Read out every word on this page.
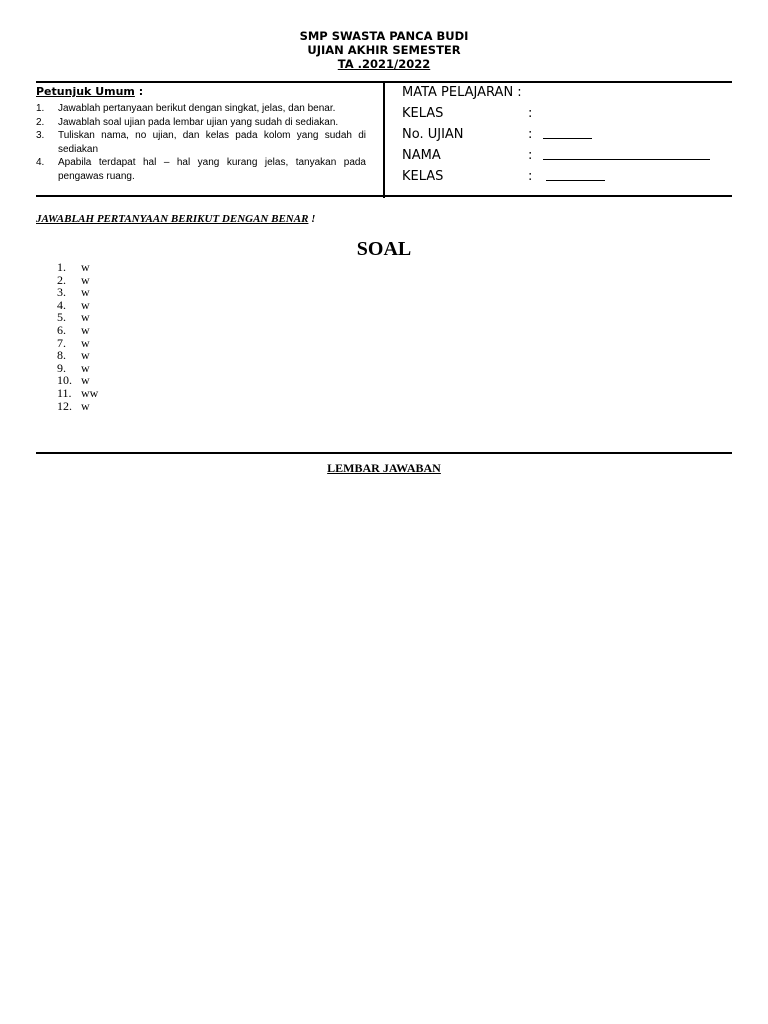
SMP SWASTA PANCA BUDI
UJIAN AKHIR SEMESTER
TA .2021/2022
Petunjuk Umum :
1. Jawablah pertanyaan berikut dengan singkat, jelas, dan benar.
2. Jawablah soal ujian pada lembar ujian yang sudah di sediakan.
3. Tuliskan nama, no ujian, dan kelas pada kolom yang sudah di sediakan
4. Apabila terdapat hal – hal yang kurang jelas, tanyakan pada pengawas ruang.
MATA PELAJARAN :
KELAS	:
No. UJIAN	:
NAMA	:
KELAS	:
JAWABLAH PERTANYAAN BERIKUT DENGAN BENAR !
SOAL
1. w
2. w
3. w
4. w
5. w
6. w
7. w
8. w
9. w
10. w
11. ww
12. w
LEMBAR JAWABAN
